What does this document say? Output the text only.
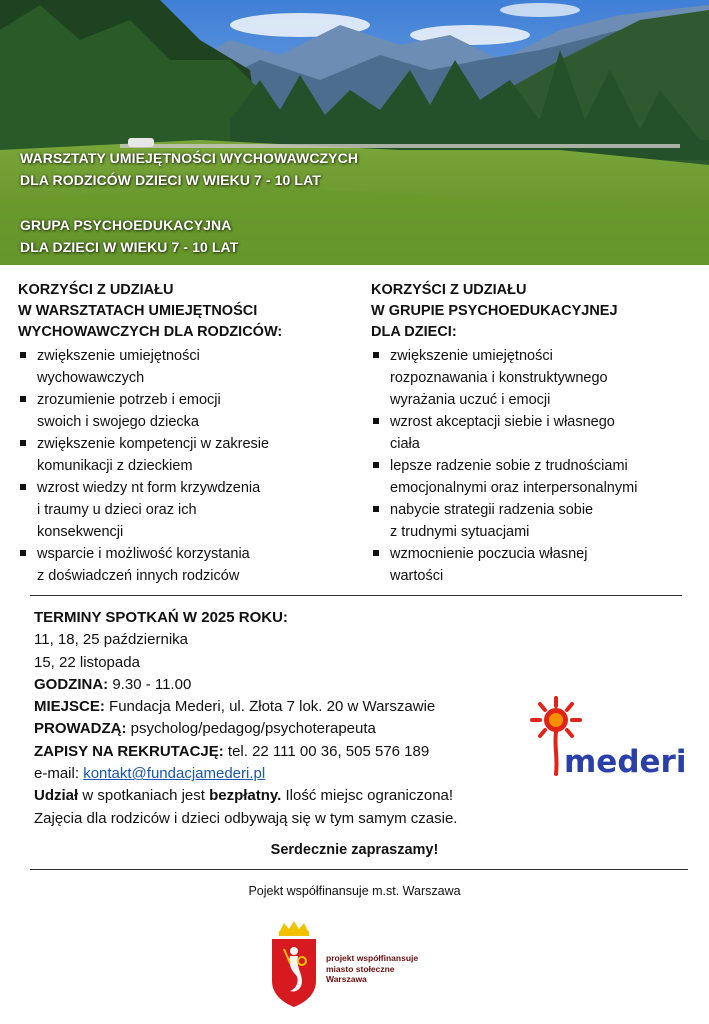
WARSZTATY UMIEJĘTNOŚCI WYCHOWAWCZYCH
DLA RODZICÓW DZIECI W WIEKU 7 - 10 LAT
GRUPA PSYCHOEDUKACYJNA
DLA DZIECI W WIEKU 7 - 10 LAT
KORZYŚCI Z UDZIAŁU
W WARSZTATACH UMIEJĘTNOŚCI
WYCHOWAWCZYCH DLA RODZICÓW:
zwiększenie umiejętności
wychowawczych
zrozumienie potrzeb i emocji
swoich i swojego dziecka
zwiększenie kompetencji w zakresie
komunikacji z dzieckiem
wzrost wiedzy nt form krzywdzenia
i traumy u dzieci oraz ich
konsekwencji
wsparcie i możliwość korzystania
z doświadczeń innych rodziców
KORZYŚCI Z UDZIAŁU
W GRUPIE PSYCHOEDUKACYJNEJ
DLA DZIECI:
zwiększenie umiejętności
rozpoznawania i konstruktywnego
wyrażania uczuć i emocji
wzrost akceptacji siebie i własnego
ciała
lepsze radzenie sobie z trudnościami
emocjonalnymi oraz interpersonalnymi
nabycie strategii radzenia sobie
z trudnymi sytuacjami
wzmocnienie poczucia własnej
wartości
TERMINY SPOTKAŃ W 2025 ROKU:
11, 18, 25 października
15, 22 listopada
GODZINA: 9.30 - 11.00
MIEJSCE: Fundacja Mederi, ul. Złota 7 lok. 20 w Warszawie
PROWADZĄ: psycholog/pedagog/psychoterapeuta
ZAPISY NA REKRUTACJĘ: tel. 22 111 00 36, 505 576 189
e-mail: kontakt@fundacjamederi.pl
Udział w spotkaniach jest bezpłatny. Ilość miejsc ograniczona!
Zajęcia dla rodziców i dzieci odbywają się w tym samym czasie.
mederi
Serdecznie zapraszamy!
Pojekt współfinansuje m.st. Warszawa
projekt współfinansuje
miasto stołeczne
Warszawa
